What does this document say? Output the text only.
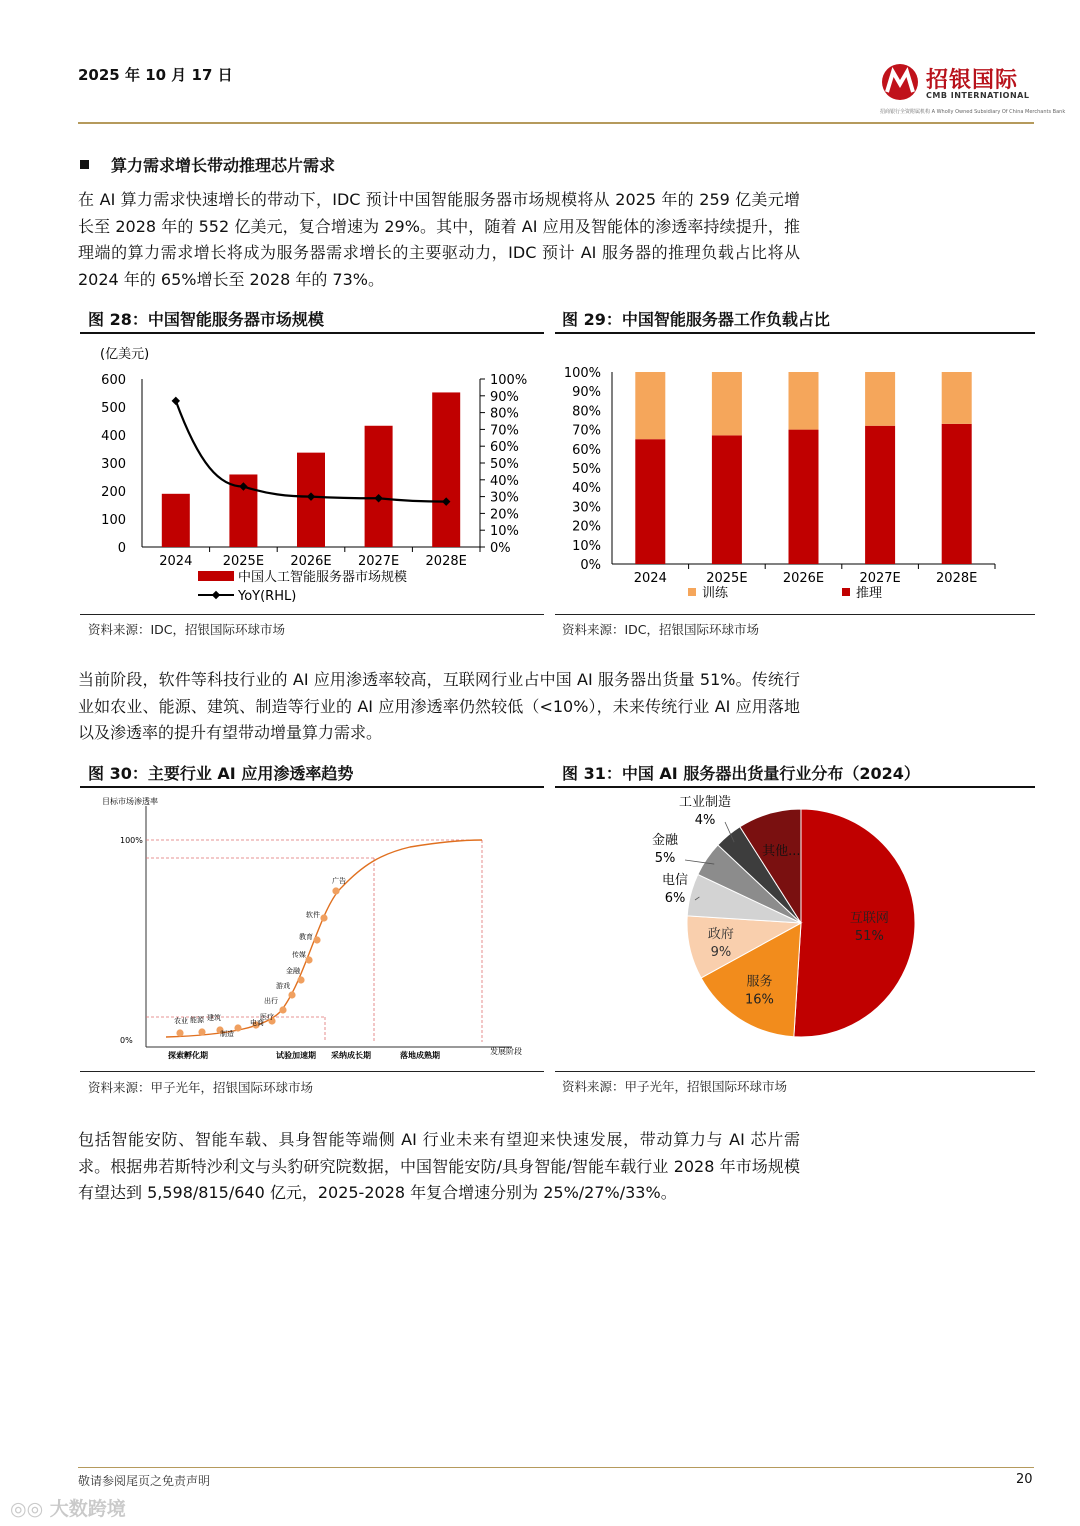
2025 年 10 月 17 日	招银国际
CMB INTERNATIONAL
招商银行全资附属机构 A Wholly Owned Subsidiary Of China Merchants Bank
算力需求增长带动推理芯片需求
在 AI 算力需求快速增长的带动下，IDC 预计中国智能服务器市场规模将从 2025 年的 259 亿美元增长至 2028 年的 552 亿美元，复合增速为 29%。其中，随着 AI 应用及智能体的渗透率持续提升，推理端的算力需求增长将成为服务器需求增长的主要驱动力，IDC 预计 AI 服务器的推理负载占比将从 2024 年的 65%增长至 2028 年的 73%。
图 28：中国智能服务器市场规模
(亿美元)
0
100
200
300
400
500
600
0%
10%
20%
30%
40%
50%
60%
70%
80%
90%
100%
2024 2025E 2026E 2027E 2028E
中国人工智能服务器市场规模
YoY(RHL)
资料来源：IDC，招银国际环球市场
图 29：中国智能服务器工作负载占比
0%
10%
20%
30%
40%
50%
60%
70%
80%
90%
100%
2024	2025E	2026E	2027E	2028E
训练	推理
资料来源：IDC，招银国际环球市场
当前阶段，软件等科技行业的 AI 应用渗透率较高，互联网行业占中国 AI 服务器出货量 51%。传统行业如农业、能源、建筑、制造等行业的 AI 应用渗透率仍然较低（<10%），未来传统行业 AI 应用落地以及渗透率的提升有望带动增量算力需求。
图 30：主要行业 AI 应用渗透率趋势
目标市场渗透率
100%
0%
发展阶段
农业 能源 建筑
制造
电商
医疗
出行
游戏
金融
传媒
教育
软件
广告
探索孵化期	试验加速期 采纳成长期	落地成熟期
资料来源：甲子光年，招银国际环球市场
图 31：中国 AI 服务器出货量行业分布（2024）
互联网
51%
服务
16%
政府
9%
电信
6%
金融
5%
工业制造
4%
其他...
资料来源：甲子光年，招银国际环球市场
包括智能安防、智能车载、具身智能等端侧 AI 行业未来有望迎来快速发展，带动算力与 AI 芯片需求。根据弗若斯特沙利文与头豹研究院数据，中国智能安防/具身智能/智能车载行业 2028 年市场规模有望达到 5,598/815/640 亿元，2025-2028 年复合增速分别为 25%/27%/33%。
敬请参阅尾页之免责声明	20
◎◎ 大数跨境
